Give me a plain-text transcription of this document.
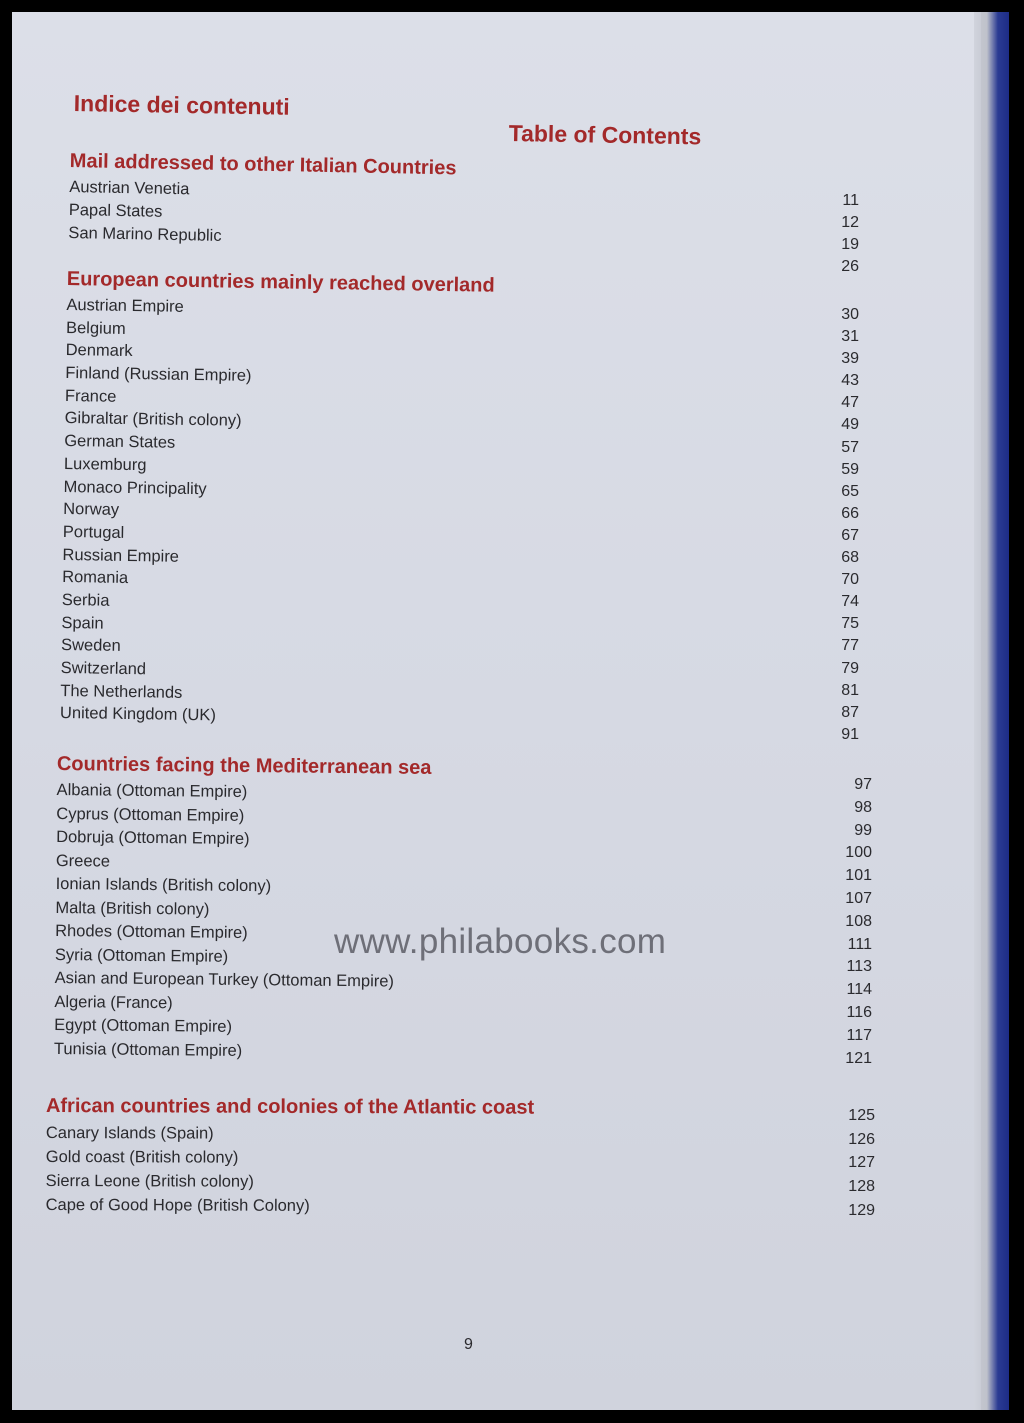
Indice dei contenuti
Table of Contents
Mail addressed to other Italian Countries
Austrian Venetia
Papal States
San Marino Republic
11
12
19
26
European countries mainly reached overland
Austrian Empire
Belgium
Denmark
Finland (Russian Empire)
France
Gibraltar (British colony)
German States
Luxemburg
Monaco Principality
Norway
Portugal
Russian Empire
Romania
Serbia
Spain
Sweden
Switzerland
The Netherlands
United Kingdom (UK)
30
31
39
43
47
49
57
59
65
66
67
68
70
74
75
77
79
81
87
91
Countries facing the Mediterranean sea
Albania (Ottoman Empire)
Cyprus (Ottoman Empire)
Dobruja (Ottoman Empire)
Greece
Ionian Islands (British colony)
Malta (British colony)
Rhodes (Ottoman Empire)
Syria (Ottoman Empire)
Asian and European Turkey (Ottoman Empire)
Algeria (France)
Egypt (Ottoman Empire)
Tunisia (Ottoman Empire)
97
98
99
100
101
107
108
111
113
114
116
117
121
www.philabooks.com
African countries and colonies of the Atlantic coast
Canary Islands (Spain)
Gold coast (British colony)
Sierra Leone (British colony)
Cape of Good Hope (British Colony)
125
126
127
128
129
9
